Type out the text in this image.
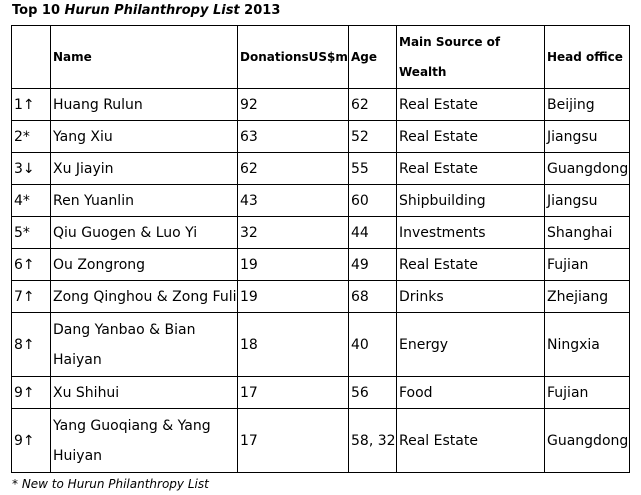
Top 10 Hurun Philanthropy List 2013
	Name	DonationsUS$m	Age	Main Source of Wealth	Head office
1↑	Huang Rulun	92	62	Real Estate	Beijing
2*	Yang Xiu	63	52	Real Estate	Jiangsu
3↓	Xu Jiayin	62	55	Real Estate	Guangdong
4*	Ren Yuanlin	43	60	Shipbuilding	Jiangsu
5*	Qiu Guogen & Luo Yi	32	44	Investments	Shanghai
6↑	Ou Zongrong	19	49	Real Estate	Fujian
7↑	Zong Qinghou & Zong Fuli	19	68	Drinks	Zhejiang
8↑	Dang Yanbao & Bian Haiyan	18	40	Energy	Ningxia
9↑	Xu Shihui	17	56	Food	Fujian
9↑	Yang Guoqiang & Yang Huiyan	17	58, 32	Real Estate	Guangdong
* New to Hurun Philanthropy List
